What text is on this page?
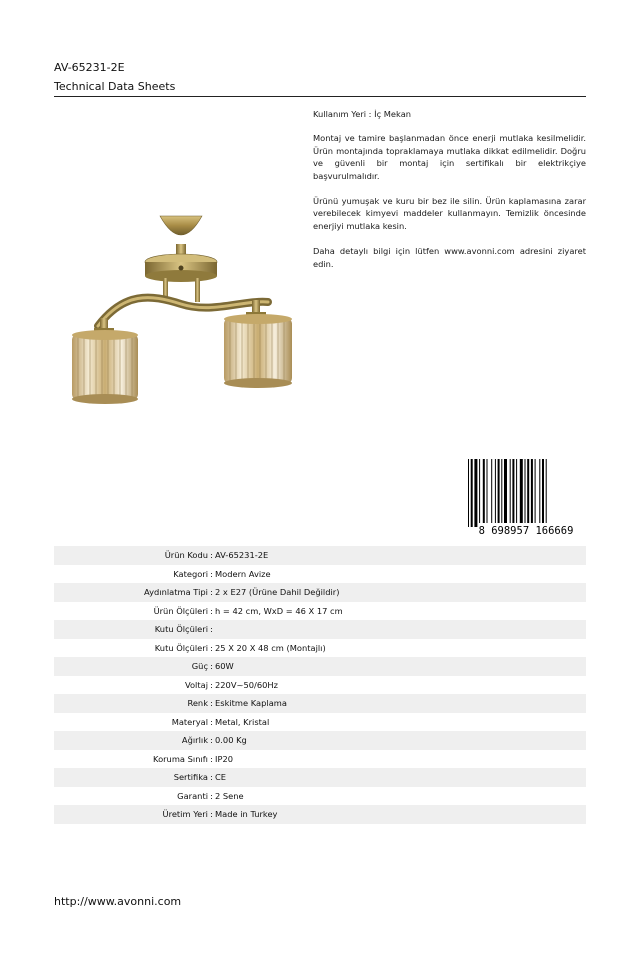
AV-65231-2E
Technical Data Sheets

Kullanım Yeri : İç Mekan

Montaj ve tamire başlanmadan önce enerji mutlaka kesilmelidir. Ürün montajında topraklamaya mutlaka dikkat edilmelidir. Doğru ve güvenli bir montaj için sertifikalı bir elektrikçiye başvurulmalıdır.

Ürünü yumuşak ve kuru bir bez ile silin. Ürün kaplamasına zarar verebilecek kimyevi maddeler kullanmayın. Temizlik öncesinde enerjiyi mutlaka kesin.

Daha detaylı bilgi için lütfen www.avonni.com adresini ziyaret edin.

8 698957 166669
Ürün Kodu	:	AV-65231-2E
Kategori	:	Modern Avize
Aydınlatma Tipi	:	2 x E27 (Ürüne Dahil Değildir)
Ürün Ölçüleri	:	h = 42 cm, WxD = 46 X 17 cm
Kutu Ölçüleri	:	
Kutu Ölçüleri	:	25 X 20 X 48 cm (Montajlı)
Güç	:	60W
Voltaj	:	220V~50/60Hz
Renk	:	Eskitme Kaplama
Materyal	:	Metal, Kristal
Ağırlık	:	0.00 Kg
Koruma Sınıfı	:	IP20
Sertifika	:	CE
Garanti	:	2 Sene
Üretim Yeri	:	Made in Turkey
http://www.avonni.com
